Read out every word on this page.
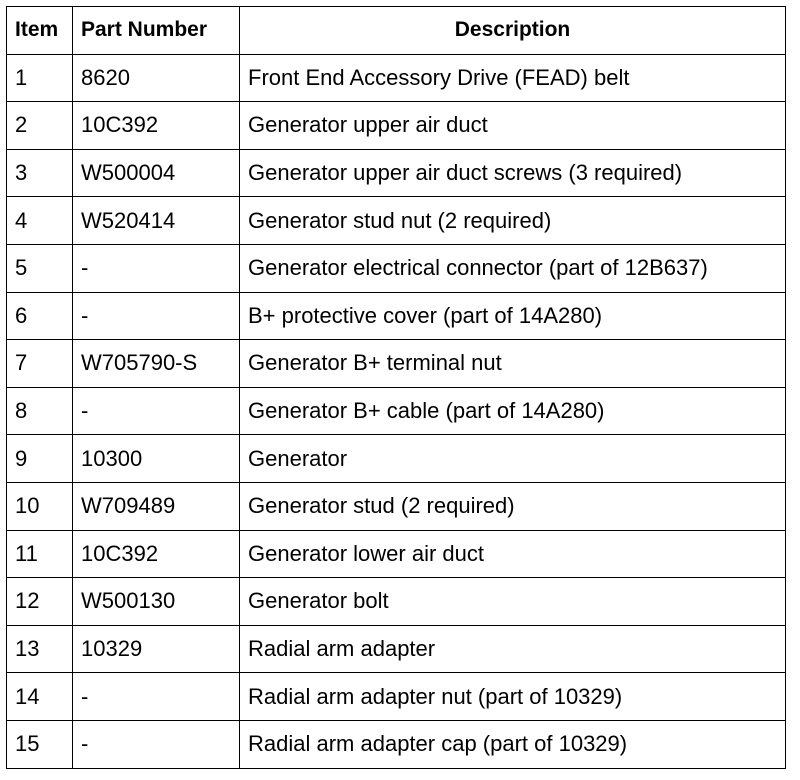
Item	Part Number	Description
1	8620	Front End Accessory Drive (FEAD) belt
2	10C392	Generator upper air duct
3	W500004	Generator upper air duct screws (3 required)
4	W520414	Generator stud nut (2 required)
5	-	Generator electrical connector (part of 12B637)
6	-	B+ protective cover (part of 14A280)
7	W705790-S	Generator B+ terminal nut
8	-	Generator B+ cable (part of 14A280)
9	10300	Generator
10	W709489	Generator stud (2 required)
11	10C392	Generator lower air duct
12	W500130	Generator bolt
13	10329	Radial arm adapter
14	-	Radial arm adapter nut (part of 10329)
15	-	Radial arm adapter cap (part of 10329)
